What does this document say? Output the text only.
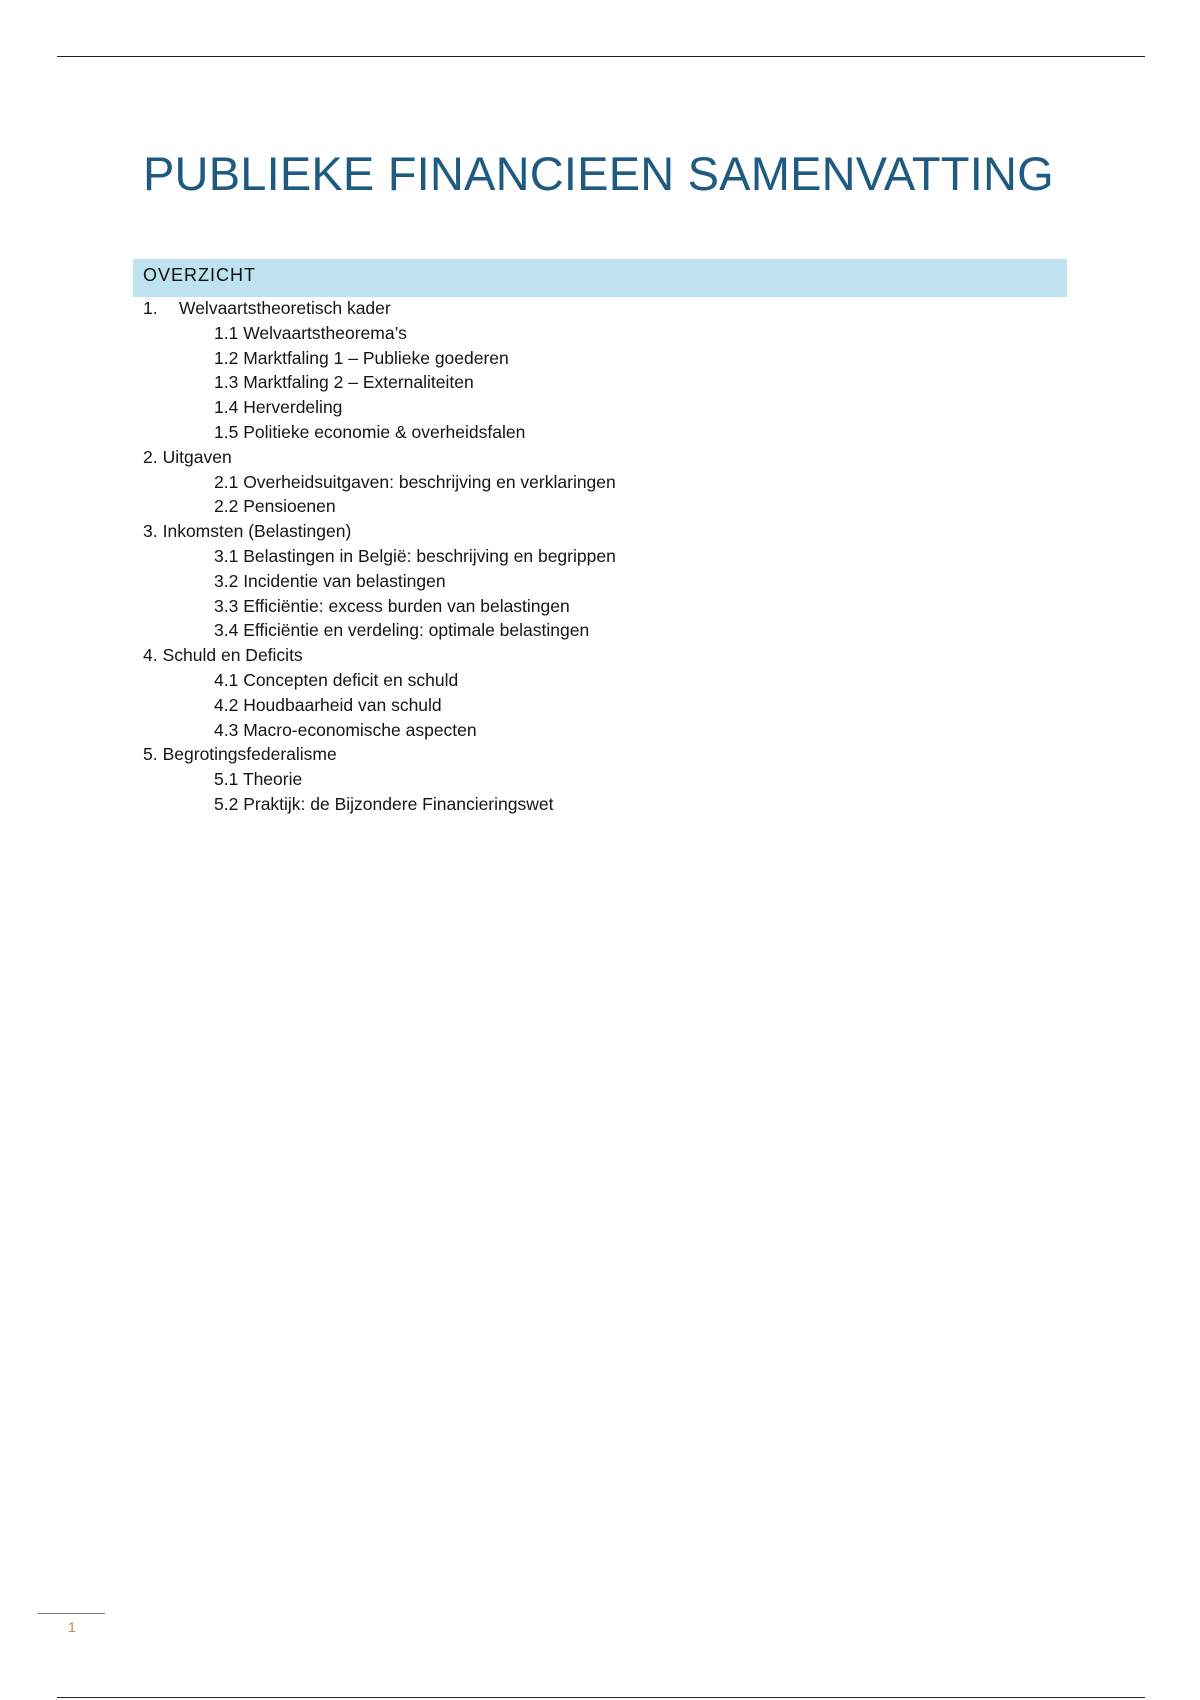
PUBLIEKE FINANCIEEN SAMENVATTING
OVERZICHT
1. Welvaartstheoretisch kader
1.1 Welvaartstheorema’s
1.2 Marktfaling 1 – Publieke goederen
1.3 Marktfaling 2 – Externaliteiten
1.4 Herverdeling
1.5 Politieke economie & overheidsfalen
2. Uitgaven
2.1 Overheidsuitgaven: beschrijving en verklaringen
2.2 Pensioenen
3. Inkomsten (Belastingen)
3.1 Belastingen in België: beschrijving en begrippen
3.2 Incidentie van belastingen
3.3 Efficiëntie: excess burden van belastingen
3.4 Efficiëntie en verdeling: optimale belastingen
4. Schuld en Deficits
4.1 Concepten deficit en schuld
4.2 Houdbaarheid van schuld
4.3 Macro-economische aspecten
5. Begrotingsfederalisme
5.1 Theorie
5.2 Praktijk: de Bijzondere Financieringswet
1
